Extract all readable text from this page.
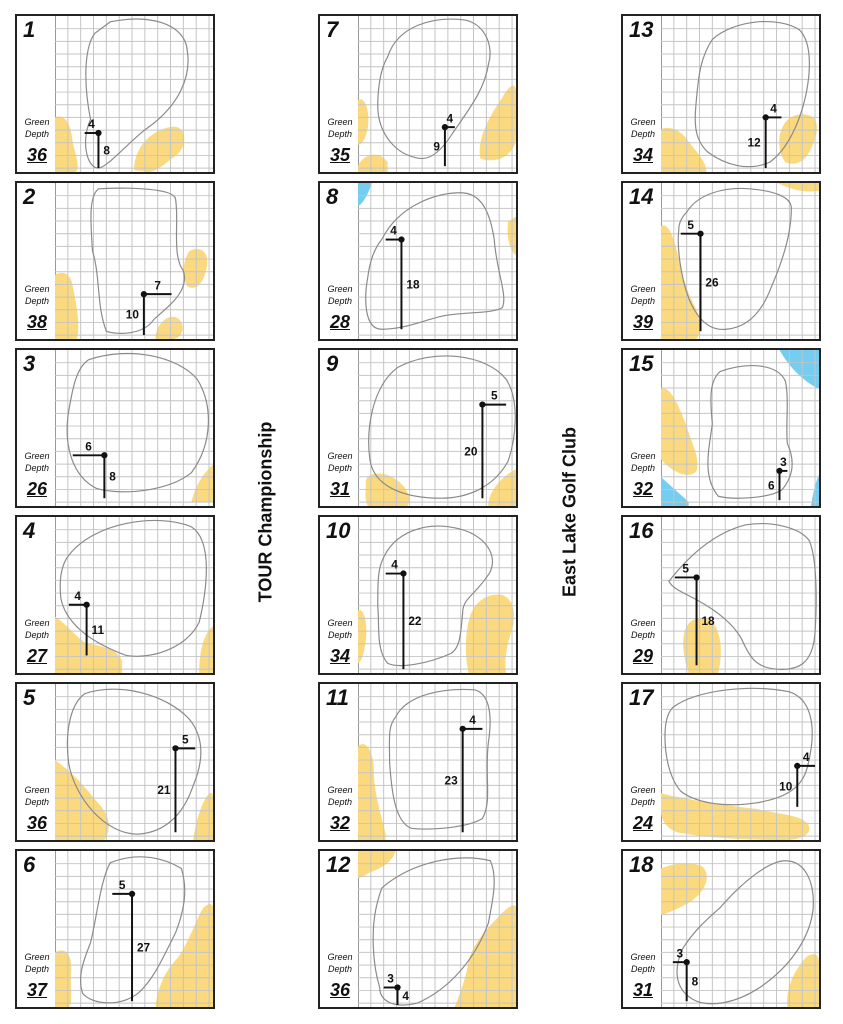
TOUR Championship	East Lake Golf Club
1
Green
Depth
36
4
8
2
Green
Depth
38
7
10
3
Green
Depth
26
6
8
4
Green
Depth
27
4
11
5
Green
Depth
36
5
21
6
Green
Depth
37
5
27
7
Green
Depth
35
4
9
8
Green
Depth
28
4
18
9
Green
Depth
31
5
20
10
Green
Depth
34
4
22
11
Green
Depth
32
4
23
12
Green
Depth
36
3
4
13
Green
Depth
34
4
12
14
Green
Depth
39
5
26
15
Green
Depth
32
3
6
16
Green
Depth
29
5
18
17
Green
Depth
24
4
10
18
Green
Depth
31
3
8
